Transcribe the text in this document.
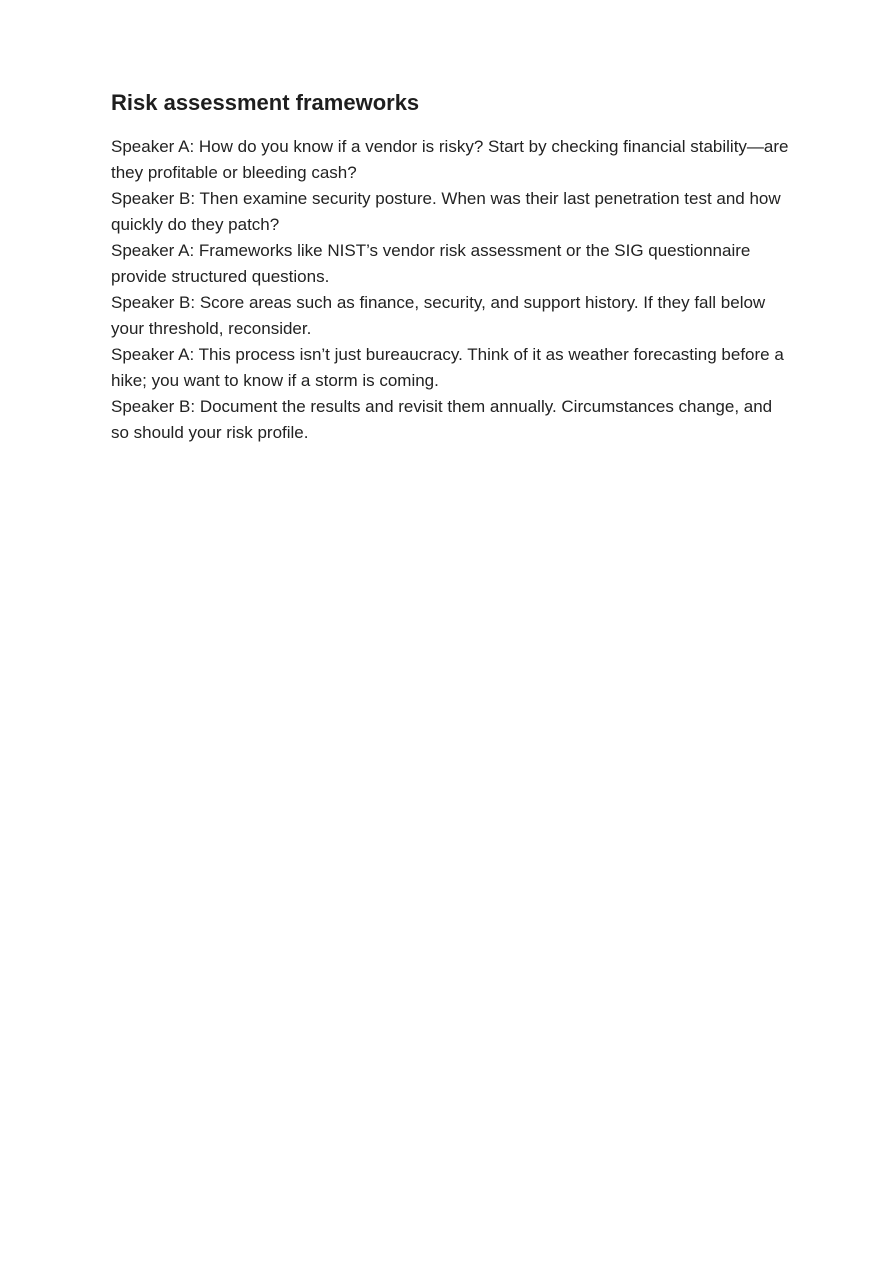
Risk assessment frameworks

Speaker A: How do you know if a vendor is risky? Start by checking financial stability—are they profitable or bleeding cash?

Speaker B: Then examine security posture. When was their last penetration test and how quickly do they patch?

Speaker A: Frameworks like NIST’s vendor risk assessment or the SIG questionnaire provide structured questions.

Speaker B: Score areas such as finance, security, and support history. If they fall below your threshold, reconsider.

Speaker A: This process isn’t just bureaucracy. Think of it as weather forecasting before a hike; you want to know if a storm is coming.

Speaker B: Document the results and revisit them annually. Circumstances change, and so should your risk profile.
